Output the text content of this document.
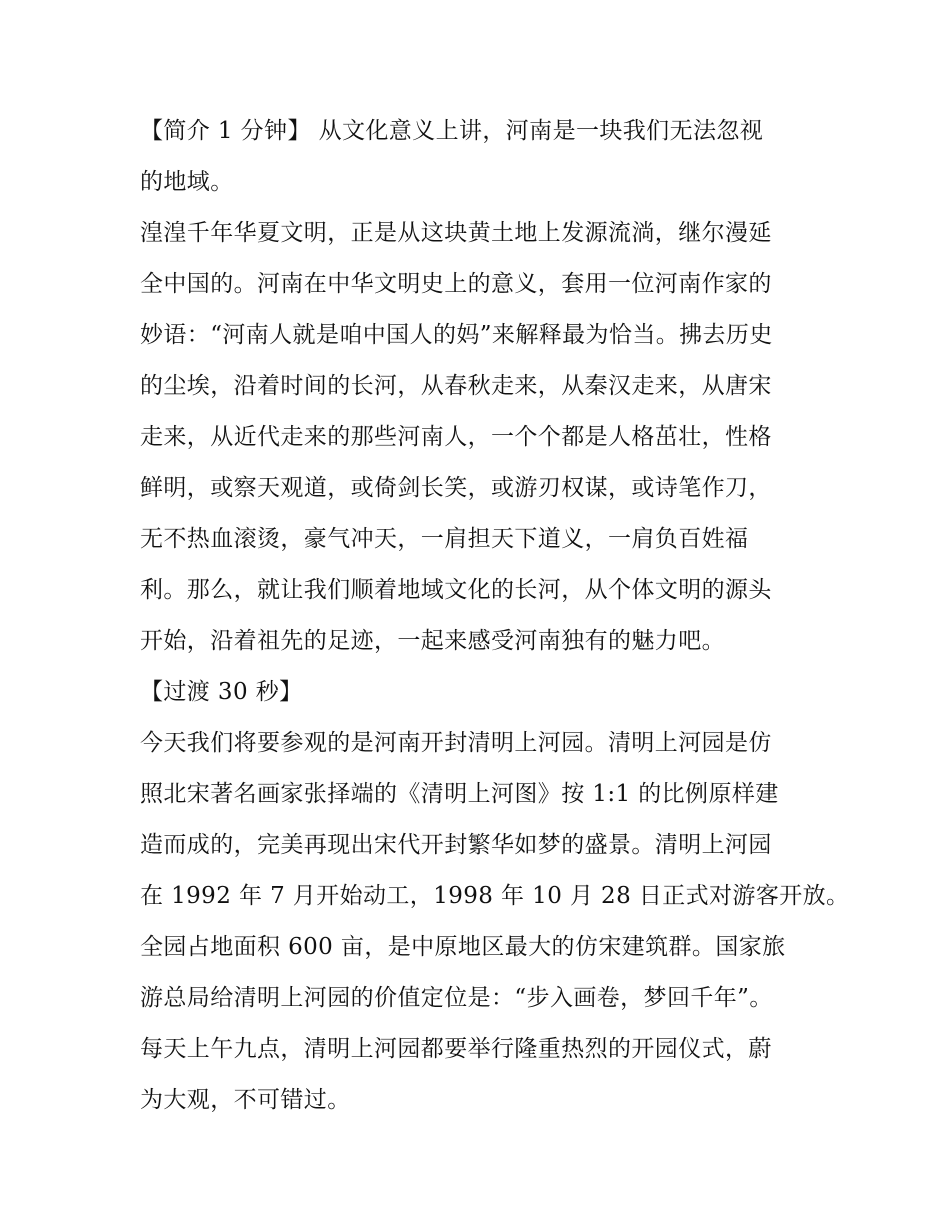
【简介 1 分钟】 从文化意义上讲，河南是一块我们无法忽视
的地域。
湟湟千年华夏文明，正是从这块黄土地上发源流淌，继尔漫延
全中国的。河南在中华文明史上的意义，套用一位河南作家的
妙语：“河南人就是咱中国人的妈”来解释最为恰当。拂去历史
的尘埃，沿着时间的长河，从春秋走来，从秦汉走来，从唐宋
走来，从近代走来的那些河南人，一个个都是人格茁壮，性格
鲜明，或察天观道，或倚剑长笑，或游刃权谋，或诗笔作刀，
无不热血滚烫，豪气冲天，一肩担天下道义，一肩负百姓福
利。那么，就让我们顺着地域文化的长河，从个体文明的源头
开始，沿着祖先的足迹，一起来感受河南独有的魅力吧。
【过渡 30 秒】
今天我们将要参观的是河南开封清明上河园。清明上河园是仿
照北宋著名画家张择端的《清明上河图》按 1:1 的比例原样建
造而成的，完美再现出宋代开封繁华如梦的盛景。清明上河园
在 1992 年 7 月开始动工，1998 年 10 月 28 日正式对游客开放。
全园占地面积 600 亩，是中原地区最大的仿宋建筑群。国家旅
游总局给清明上河园的价值定位是：“步入画卷，梦回千年”。
每天上午九点，清明上河园都要举行隆重热烈的开园仪式，蔚
为大观，不可错过。
